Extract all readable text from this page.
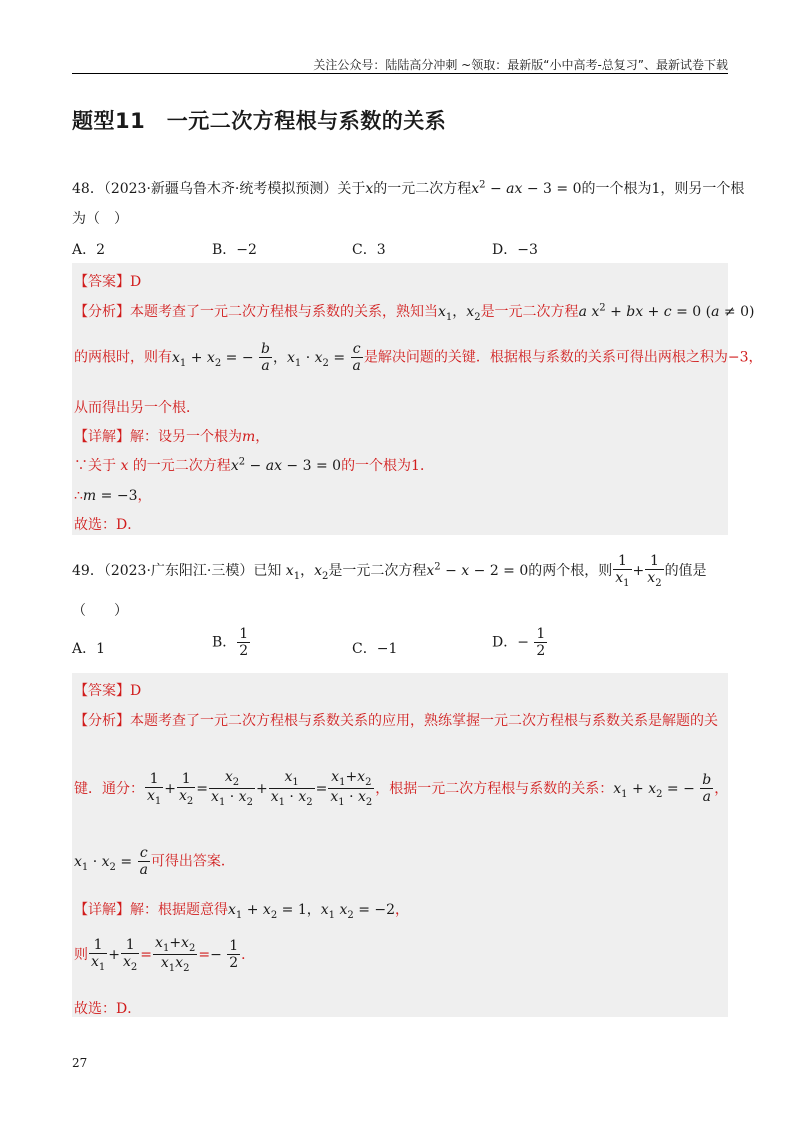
关注公众号：陆陆高分冲刺 ~领取：最新版“小中高考-总复习”、最新试卷下载
题型11　一元二次方程根与系数的关系
48．（2023·新疆乌鲁木齐·统考模拟预测）关于x的一元二次方程$x^2$ − ax − 3 = 0的一个根为1，则另一个根
为（　）
A．2	B．−2	C．3	D．−3
【答案】D
【分析】本题考查了一元二次方程根与系数的关系，熟知当$x_1$，$x_2$是一元二次方程a $x^2$ + bx + c = 0 (a ≠ 0)
的两根时，则有$x_1 + x_2$ = − $\frac{b}{a}$ ，$x_1 \cdot x_2 = \frac{c}{a}$ 是解决问题的关键．根据根与系数的关系可得出两根之积为−3，
从而得出另一个根．
【详解】解：设另一个根为m，
∵关于 x 的一元二次方程$x^2$ − ax − 3 = 0的一个根为1．
∴m = −3，
故选：D．
49．（2023·广东阳江·三模）已知 $x_1$，$x_2$是一元二次方程$x^2 - x - 2 = 0$的两个根，则 $\frac{1}{x_1} + \frac{1}{x_2}$ 的值是
（　　）
A．1	B． $\frac{1}{2}$	C．−1	D．− $\frac{1}{2}$
【答案】D
【分析】本题考查了一元二次方程根与系数关系的应用，熟练掌握一元二次方程根与系数关系是解题的关
键．通分： $\frac{1}{x_1} + \frac{1}{x_2} = \frac{x_2}{x_1 \cdot x_2} + \frac{x_1}{x_1 \cdot x_2} = \frac{x_1+x_2}{x_1 \cdot x_2}$ ，根据一元二次方程根与系数的关系：$x_1 + x_2$ = − $\frac{b}{a}$ ，
$x_1 \cdot x_2 = \frac{c}{a}$ 可得出答案．
【详解】解：根据题意得$x_1 + x_2 = 1$，$x_1$ $x_2 = -2$，
则 $\frac{1}{x_1} + \frac{1}{x_2} = \frac{x_1+x_2}{x_1x_2} =- \frac{1}{2}$ ．
故选：D．
27
